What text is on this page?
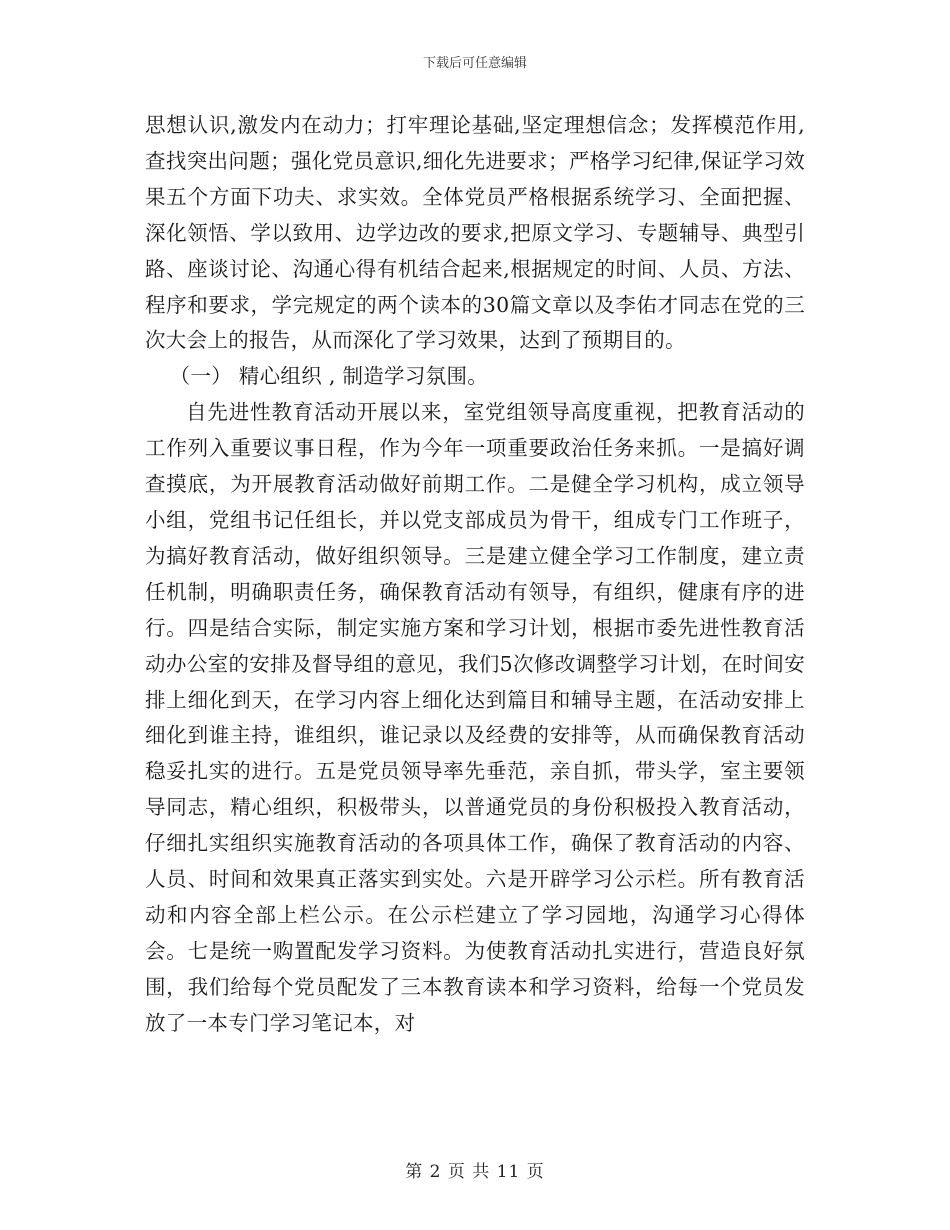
下载后可任意编辑

思想认识,激发内在动力；打牢理论基础,坚定理想信念；发挥模范作用,查找突出问题；强化党员意识,细化先进要求；严格学习纪律,保证学习效果五个方面下功夫、求实效。全体党员严格根据系统学习、全面把握、深化领悟、学以致用、边学边改的要求,把原文学习、专题辅导、典型引路、座谈讨论、沟通心得有机结合起来,根据规定的时间、人员、方法、程序和要求，学完规定的两个读本的30篇文章以及李佑才同志在党的三次大会上的报告，从而深化了学习效果，达到了预期目的。

（一） 精心组织 , 制造学习氛围。

自先进性教育活动开展以来，室党组领导高度重视，把教育活动的工作列入重要议事日程，作为今年一项重要政治任务来抓。一是搞好调查摸底，为开展教育活动做好前期工作。二是健全学习机构，成立领导小组，党组书记任组长，并以党支部成员为骨干，组成专门工作班子，为搞好教育活动，做好组织领导。三是建立健全学习工作制度，建立责任机制，明确职责任务，确保教育活动有领导，有组织，健康有序的进行。四是结合实际，制定实施方案和学习计划，根据市委先进性教育活动办公室的安排及督导组的意见，我们5次修改调整学习计划，在时间安排上细化到天，在学习内容上细化达到篇目和辅导主题，在活动安排上细化到谁主持，谁组织，谁记录以及经费的安排等，从而确保教育活动稳妥扎实的进行。五是党员领导率先垂范，亲自抓，带头学，室主要领导同志，精心组织，积极带头，以普通党员的身份积极投入教育活动，仔细扎实组织实施教育活动的各项具体工作，确保了教育活动的内容、人员、时间和效果真正落实到实处。六是开辟学习公示栏。所有教育活动和内容全部上栏公示。在公示栏建立了学习园地，沟通学习心得体会。七是统一购置配发学习资料。为使教育活动扎实进行，营造良好氛围，我们给每个党员配发了三本教育读本和学习资料，给每一个党员发放了一本专门学习笔记本，对

第 2 页 共 11 页
